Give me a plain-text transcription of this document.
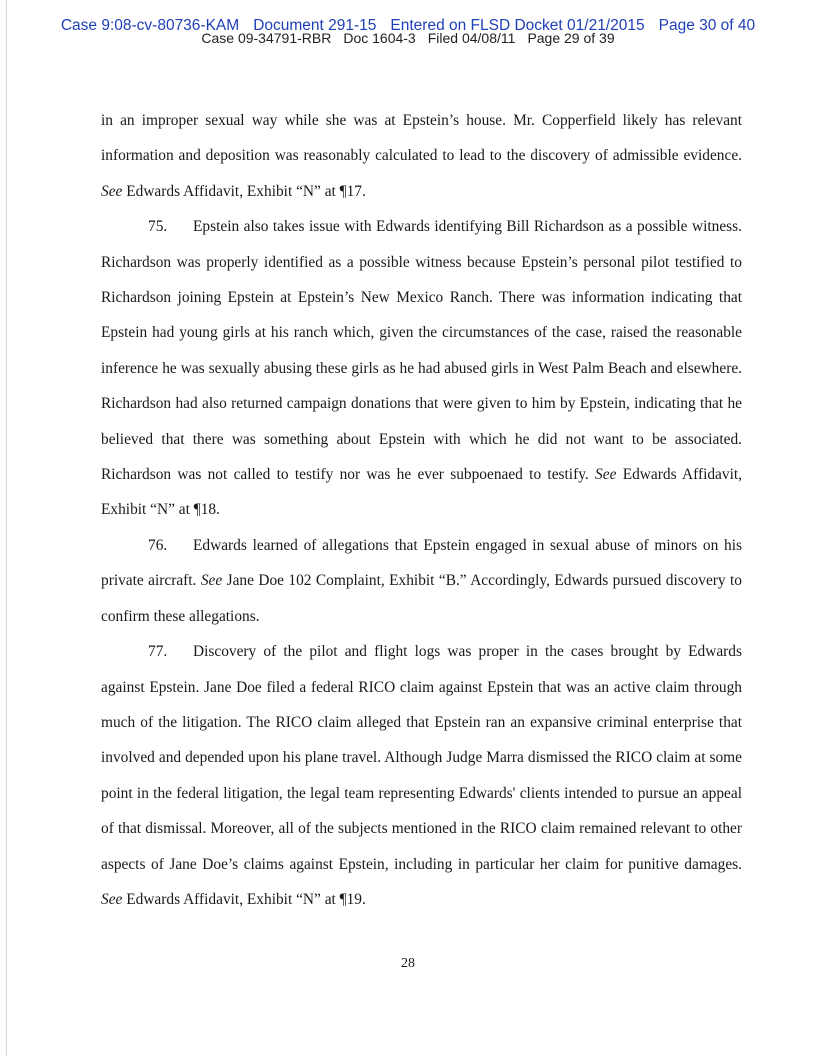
Case 9:08-cv-80736-KAM Document 291-15 Entered on FLSD Docket 01/21/2015 Page 30 of 40
Case 09-34791-RBR Doc 1604-3 Filed 04/08/11 Page 29 of 39

in an improper sexual way while she was at Epstein’s house. Mr. Copperfield likely has relevant information and deposition was reasonably calculated to lead to the discovery of admissible evidence. See Edwards Affidavit, Exhibit “N” at ¶17.

75. Epstein also takes issue with Edwards identifying Bill Richardson as a possible witness. Richardson was properly identified as a possible witness because Epstein’s personal pilot testified to Richardson joining Epstein at Epstein’s New Mexico Ranch. There was information indicating that Epstein had young girls at his ranch which, given the circumstances of the case, raised the reasonable inference he was sexually abusing these girls as he had abused girls in West Palm Beach and elsewhere. Richardson had also returned campaign donations that were given to him by Epstein, indicating that he believed that there was something about Epstein with which he did not want to be associated. Richardson was not called to testify nor was he ever subpoenaed to testify. See Edwards Affidavit, Exhibit “N” at ¶18.

76. Edwards learned of allegations that Epstein engaged in sexual abuse of minors on his private aircraft. See Jane Doe 102 Complaint, Exhibit “B.” Accordingly, Edwards pursued discovery to confirm these allegations.

77. Discovery of the pilot and flight logs was proper in the cases brought by Edwards against Epstein. Jane Doe filed a federal RICO claim against Epstein that was an active claim through much of the litigation. The RICO claim alleged that Epstein ran an expansive criminal enterprise that involved and depended upon his plane travel. Although Judge Marra dismissed the RICO claim at some point in the federal litigation, the legal team representing Edwards' clients intended to pursue an appeal of that dismissal. Moreover, all of the subjects mentioned in the RICO claim remained relevant to other aspects of Jane Doe’s claims against Epstein, including in particular her claim for punitive damages. See Edwards Affidavit, Exhibit “N” at ¶19.

28
